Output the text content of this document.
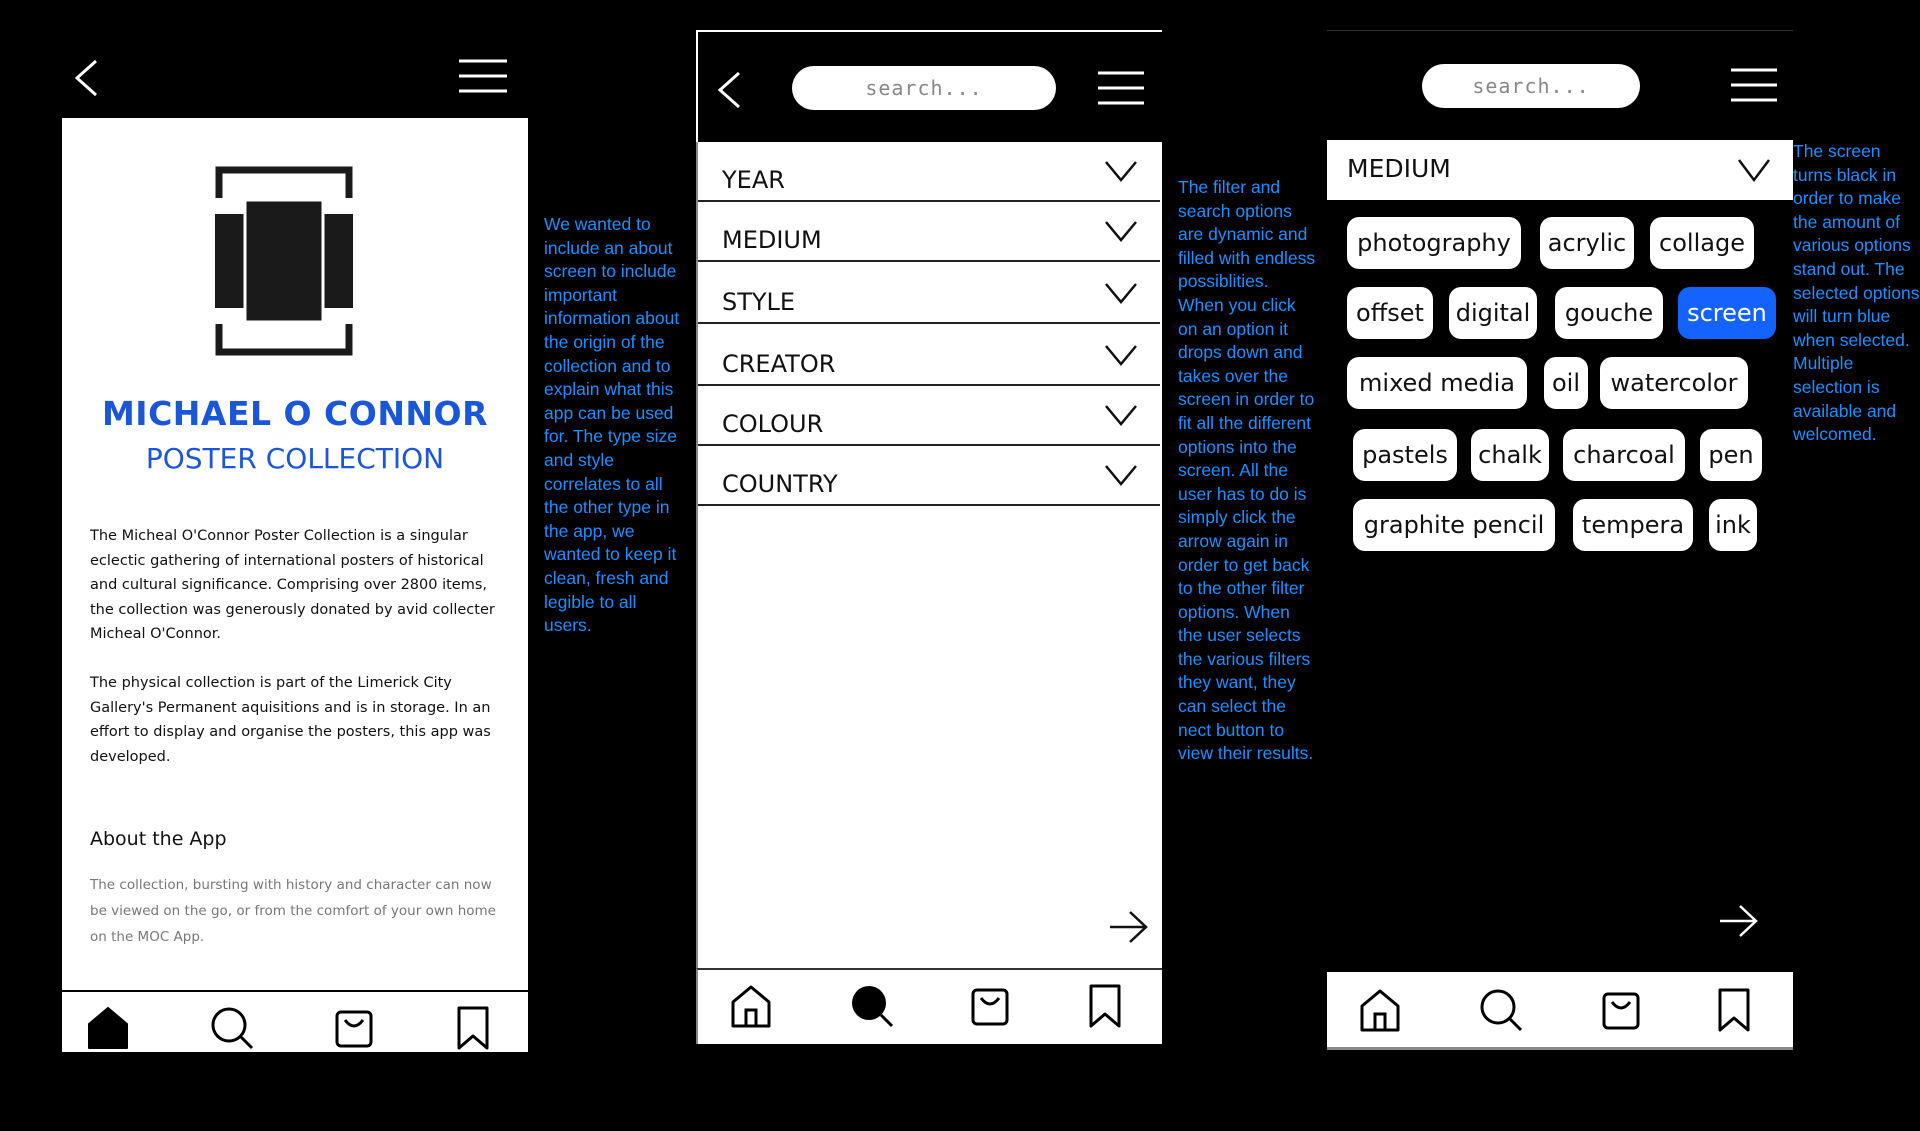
MICHAEL O CONNOR
POSTER COLLECTION
The Micheal O'Connor Poster Collection is a singular eclectic gathering of international posters of historical and cultural significance. Comprising over 2800 items, the collection was generously donated by avid collecter Micheal O'Connor.
The physical collection is part of the Limerick City Gallery's Permanent aquisitions and is in storage. In an effort to display and organise the posters, this app was developed.
About the App
The collection, bursting with history and character can now be viewed on the go, or from the comfort of your own home on the MOC App.
We wanted to include an about screen to include important information about the origin of the collection and to explain what this app can be used for. The type size and style correlates to all the other type in the app, we wanted to keep it clean, fresh and legible to all users.
search...
YEAR
MEDIUM
STYLE
CREATOR
COLOUR
COUNTRY
The filter and search options are dynamic and filled with endless possiblities. When you click on an option it drops down and takes over the screen in order to fit all the different options into the screen. All the user has to do is simply click the arrow again in order to get back to the other filter options. When the user selects the various filters they want, they can select the nect button to view their results.
search...
MEDIUM
photography	acrylic	collage
offset	digital	gouche	screen
mixed media	oil	watercolor
pastels	chalk	charcoal	pen
graphite pencil	tempera	ink
The screen turns black in order to make the amount of various options stand out. The selected options will turn blue when selected. Multiple selection is available and welcomed.
